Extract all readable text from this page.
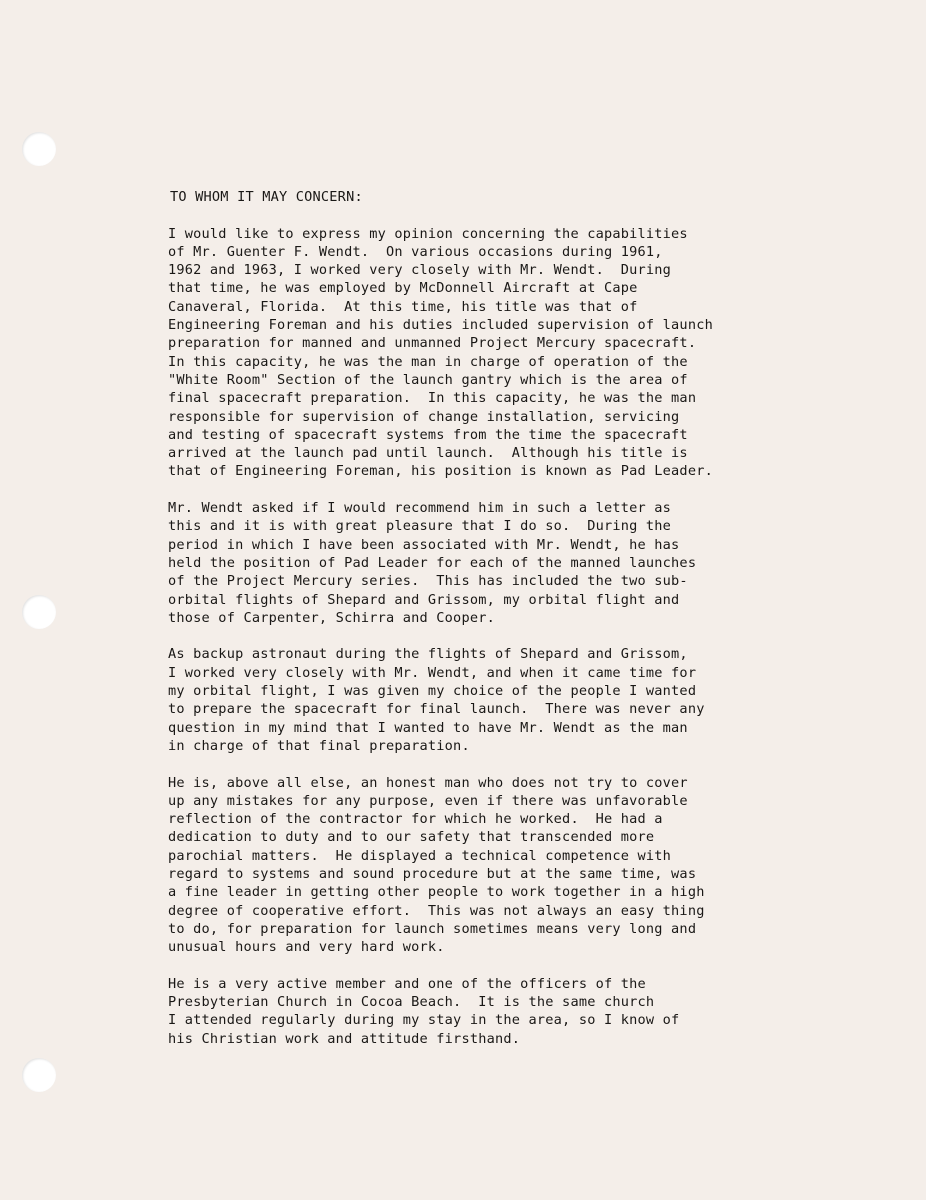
TO WHOM IT MAY CONCERN:
I would like to express my opinion concerning the capabilities
of Mr. Guenter F. Wendt.  On various occasions during 1961,
1962 and 1963, I worked very closely with Mr. Wendt.  During
that time, he was employed by McDonnell Aircraft at Cape
Canaveral, Florida.  At this time, his title was that of
Engineering Foreman and his duties included supervision of launch
preparation for manned and unmanned Project Mercury spacecraft.
In this capacity, he was the man in charge of operation of the
"White Room" Section of the launch gantry which is the area of
final spacecraft preparation.  In this capacity, he was the man
responsible for supervision of change installation, servicing
and testing of spacecraft systems from the time the spacecraft
arrived at the launch pad until launch.  Although his title is
that of Engineering Foreman, his position is known as Pad Leader.
Mr. Wendt asked if I would recommend him in such a letter as
this and it is with great pleasure that I do so.  During the
period in which I have been associated with Mr. Wendt, he has
held the position of Pad Leader for each of the manned launches
of the Project Mercury series.  This has included the two sub-
orbital flights of Shepard and Grissom, my orbital flight and
those of Carpenter, Schirra and Cooper.
As backup astronaut during the flights of Shepard and Grissom,
I worked very closely with Mr. Wendt, and when it came time for
my orbital flight, I was given my choice of the people I wanted
to prepare the spacecraft for final launch.  There was never any
question in my mind that I wanted to have Mr. Wendt as the man
in charge of that final preparation.
He is, above all else, an honest man who does not try to cover
up any mistakes for any purpose, even if there was unfavorable
reflection of the contractor for which he worked.  He had a
dedication to duty and to our safety that transcended more
parochial matters.  He displayed a technical competence with
regard to systems and sound procedure but at the same time, was
a fine leader in getting other people to work together in a high
degree of cooperative effort.  This was not always an easy thing
to do, for preparation for launch sometimes means very long and
unusual hours and very hard work.
He is a very active member and one of the officers of the
Presbyterian Church in Cocoa Beach.  It is the same church
I attended regularly during my stay in the area, so I know of
his Christian work and attitude firsthand.
